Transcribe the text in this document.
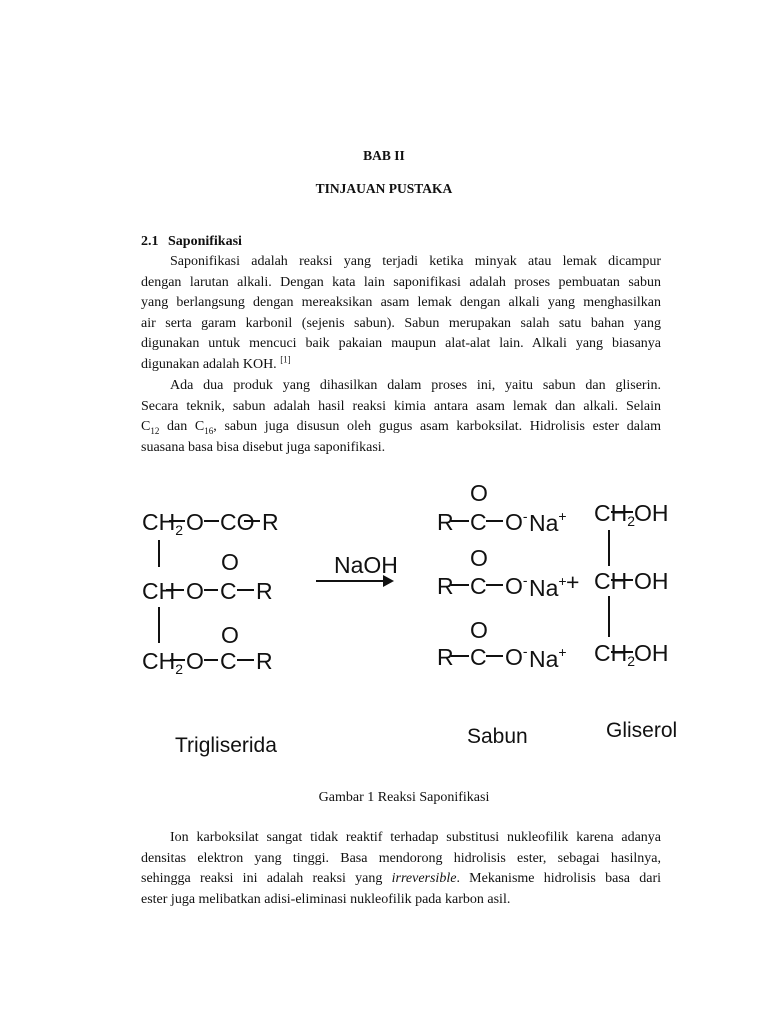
BAB II
TINJAUAN PUSTAKA
2.1 Saponifikasi
Saponifikasi adalah reaksi yang terjadi ketika minyak atau lemak dicampur
dengan larutan alkali. Dengan kata lain saponifikasi adalah proses pembuatan sabun
yang berlangsung dengan mereaksikan asam lemak dengan alkali yang menghasilkan
air serta garam karbonil (sejenis sabun). Sabun merupakan salah satu bahan yang
digunakan untuk mencuci baik pakaian maupun alat-alat lain. Alkali yang biasanya
digunakan adalah KOH. [1]
Ada dua produk yang dihasilkan dalam proses ini, yaitu sabun dan gliserin.
Secara teknik, sabun adalah hasil reaksi kimia antara asam lemak dan alkali. Selain
$C_{12}$ dan $C_{16}$, sabun juga disusun oleh gugus asam karboksilat. Hidrolisis ester dalam
suasana basa bisa disebut juga saponifikasi.
$CH_2$ O CO R
O
CH O C R
O
$CH_2$ O C R
NaOH
O
R C O- Na+
O
R C O- Na+
O
R C O- Na+
+
$CH_2$
OH
CH OH
$CH_2$
OH
Trigliserida	Sabun	Gliserol
Gambar 1 Reaksi Saponifikasi
Ion karboksilat sangat tidak reaktif terhadap substitusi nukleofilik karena adanya
densitas elektron yang tinggi. Basa mendorong hidrolisis ester, sebagai hasilnya,
sehingga reaksi ini adalah reaksi yang irreversible. Mekanisme hidrolisis basa dari
ester juga melibatkan adisi-eliminasi nukleofilik pada karbon asil.
